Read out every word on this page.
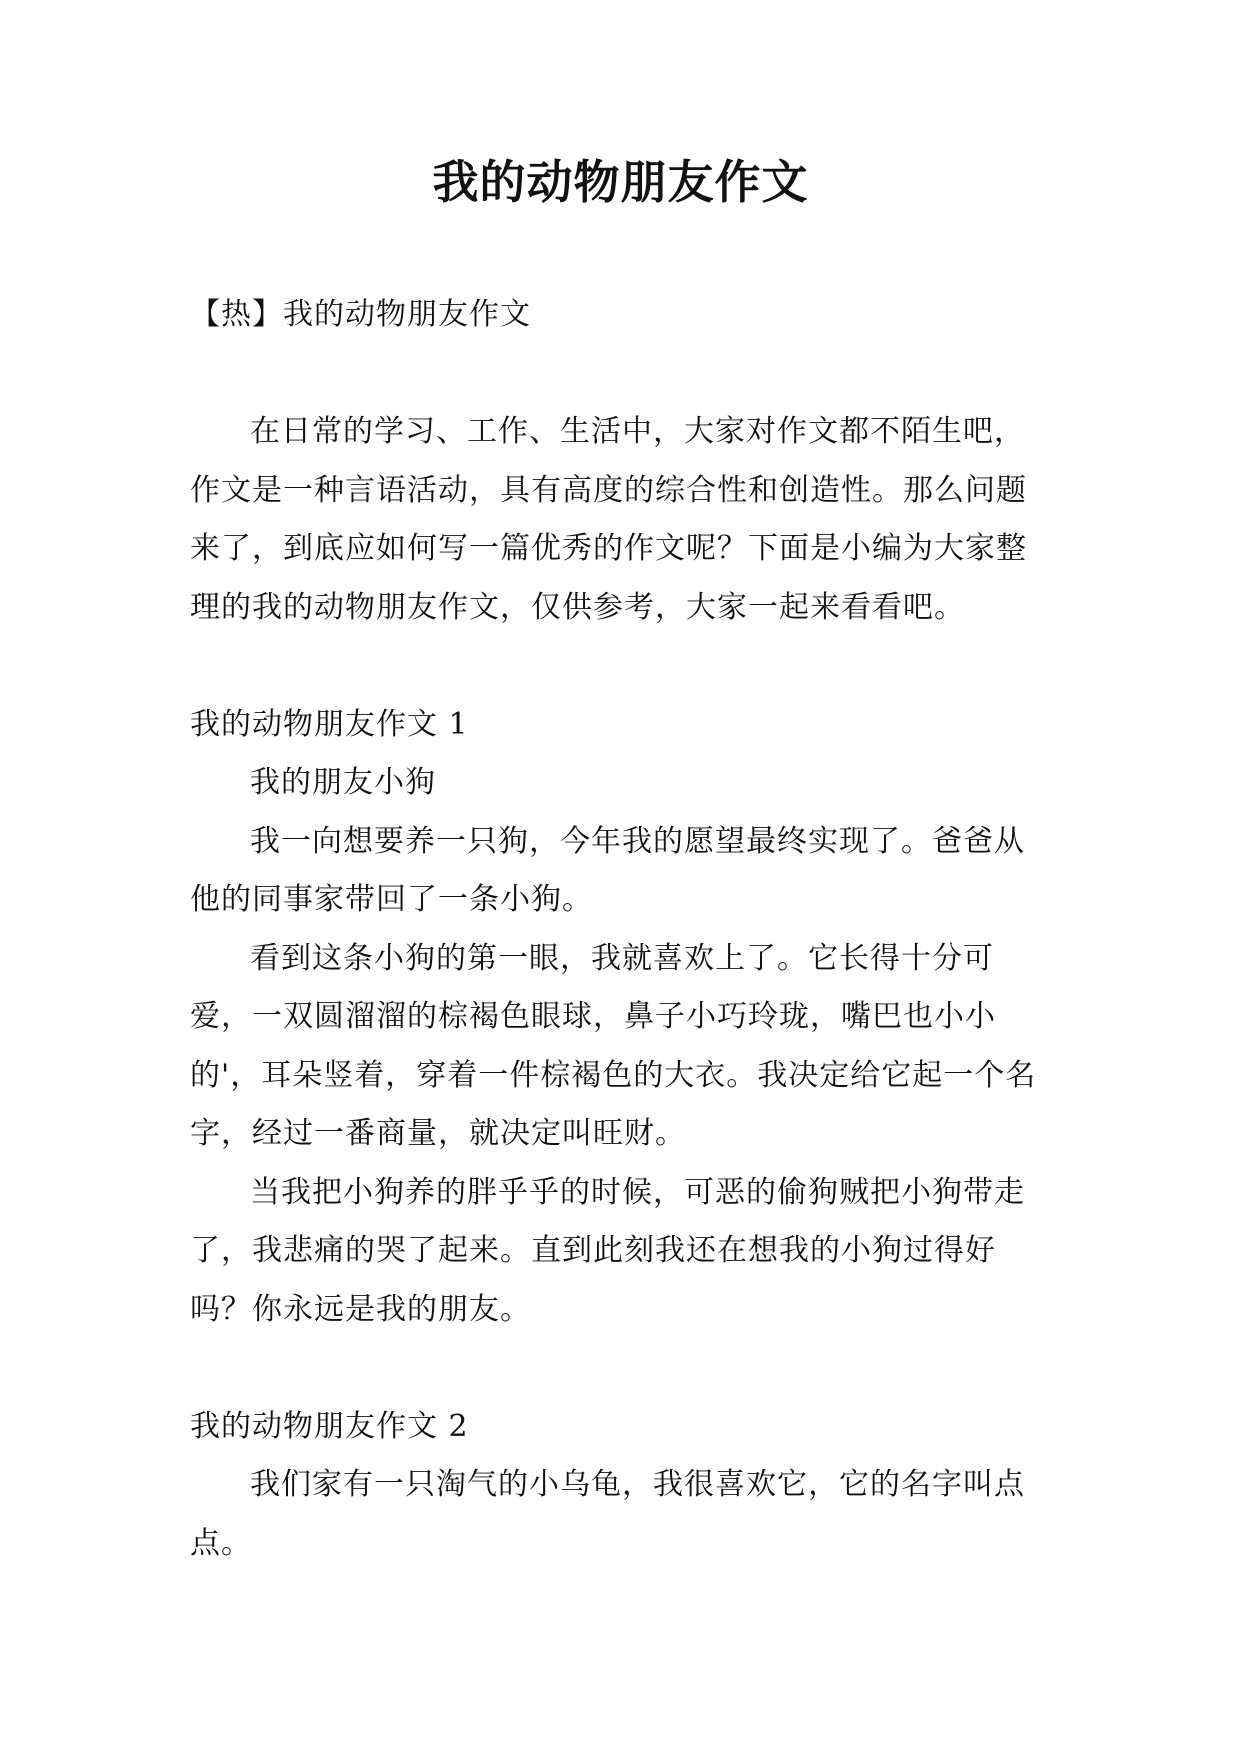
我的动物朋友作文

【热】我的动物朋友作文

在日常的学习、工作、生活中，大家对作文都不陌生吧，作文是一种言语活动，具有高度的综合性和创造性。那么问题来了，到底应如何写一篇优秀的作文呢？下面是小编为大家整理的我的动物朋友作文，仅供参考，大家一起来看看吧。

我的动物朋友作文 1

我的朋友小狗

我一向想要养一只狗，今年我的愿望最终实现了。爸爸从他的同事家带回了一条小狗。

看到这条小狗的第一眼，我就喜欢上了。它长得十分可爱，一双圆溜溜的棕褐色眼球，鼻子小巧玲珑，嘴巴也小小的'，耳朵竖着，穿着一件棕褐色的大衣。我决定给它起一个名字，经过一番商量，就决定叫旺财。

当我把小狗养的胖乎乎的时候，可恶的偷狗贼把小狗带走了，我悲痛的哭了起来。直到此刻我还在想我的小狗过得好吗？你永远是我的朋友。

我的动物朋友作文 2

我们家有一只淘气的小乌龟，我很喜欢它，它的名字叫点点。
